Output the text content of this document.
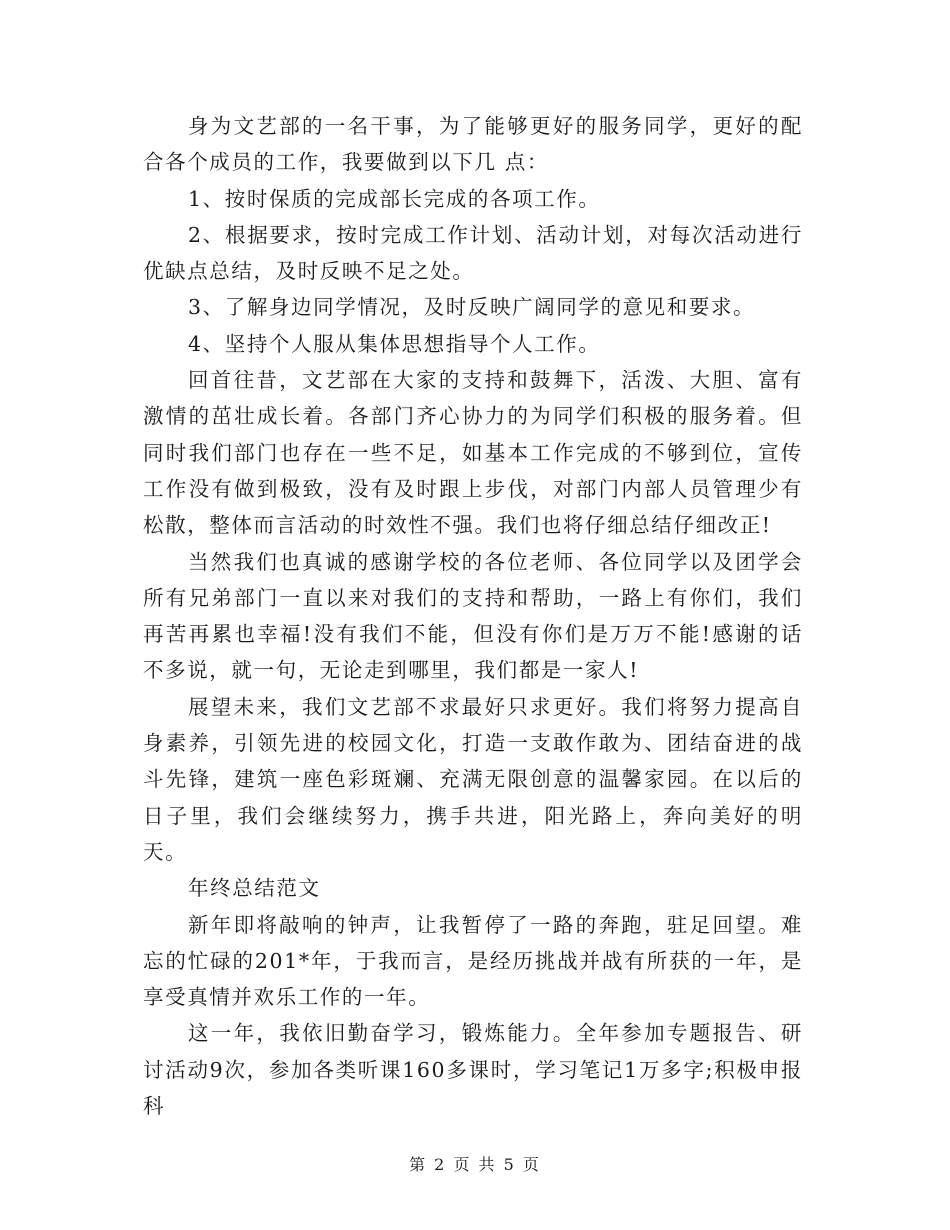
身为文艺部的一名干事，为了能够更好的服务同学，更好的配合各个成员的工作，我要做到以下几 点：

1、按时保质的完成部长完成的各项工作。

2、根据要求，按时完成工作计划、活动计划，对每次活动进行优缺点总结，及时反映不足之处。

3、了解身边同学情况，及时反映广阔同学的意见和要求。

4、坚持个人服从集体思想指导个人工作。

回首往昔，文艺部在大家的支持和鼓舞下，活泼、大胆、富有激情的茁壮成长着。各部门齐心协力的为同学们积极的服务着。但同时我们部门也存在一些不足，如基本工作完成的不够到位，宣传工作没有做到极致，没有及时跟上步伐，对部门内部人员管理少有松散，整体而言活动的时效性不强。我们也将仔细总结仔细改正!

当然我们也真诚的感谢学校的各位老师、各位同学以及团学会所有兄弟部门一直以来对我们的支持和帮助，一路上有你们，我们再苦再累也幸福!没有我们不能，但没有你们是万万不能!感谢的话不多说，就一句，无论走到哪里，我们都是一家人!

展望未来，我们文艺部不求最好只求更好。我们将努力提高自身素养，引领先进的校园文化，打造一支敢作敢为、团结奋进的战斗先锋，建筑一座色彩斑斓、充满无限创意的温馨家园。在以后的日子里，我们会继续努力，携手共进，阳光路上，奔向美好的明天。

年终总结范文

新年即将敲响的钟声，让我暂停了一路的奔跑，驻足回望。难忘的忙碌的201*年，于我而言，是经历挑战并战有所获的一年，是享受真情并欢乐工作的一年。

这一年，我依旧勤奋学习，锻炼能力。全年参加专题报告、研讨活动9次，参加各类听课160多课时，学习笔记1万多字;积极申报科

第 2 页 共 5 页
